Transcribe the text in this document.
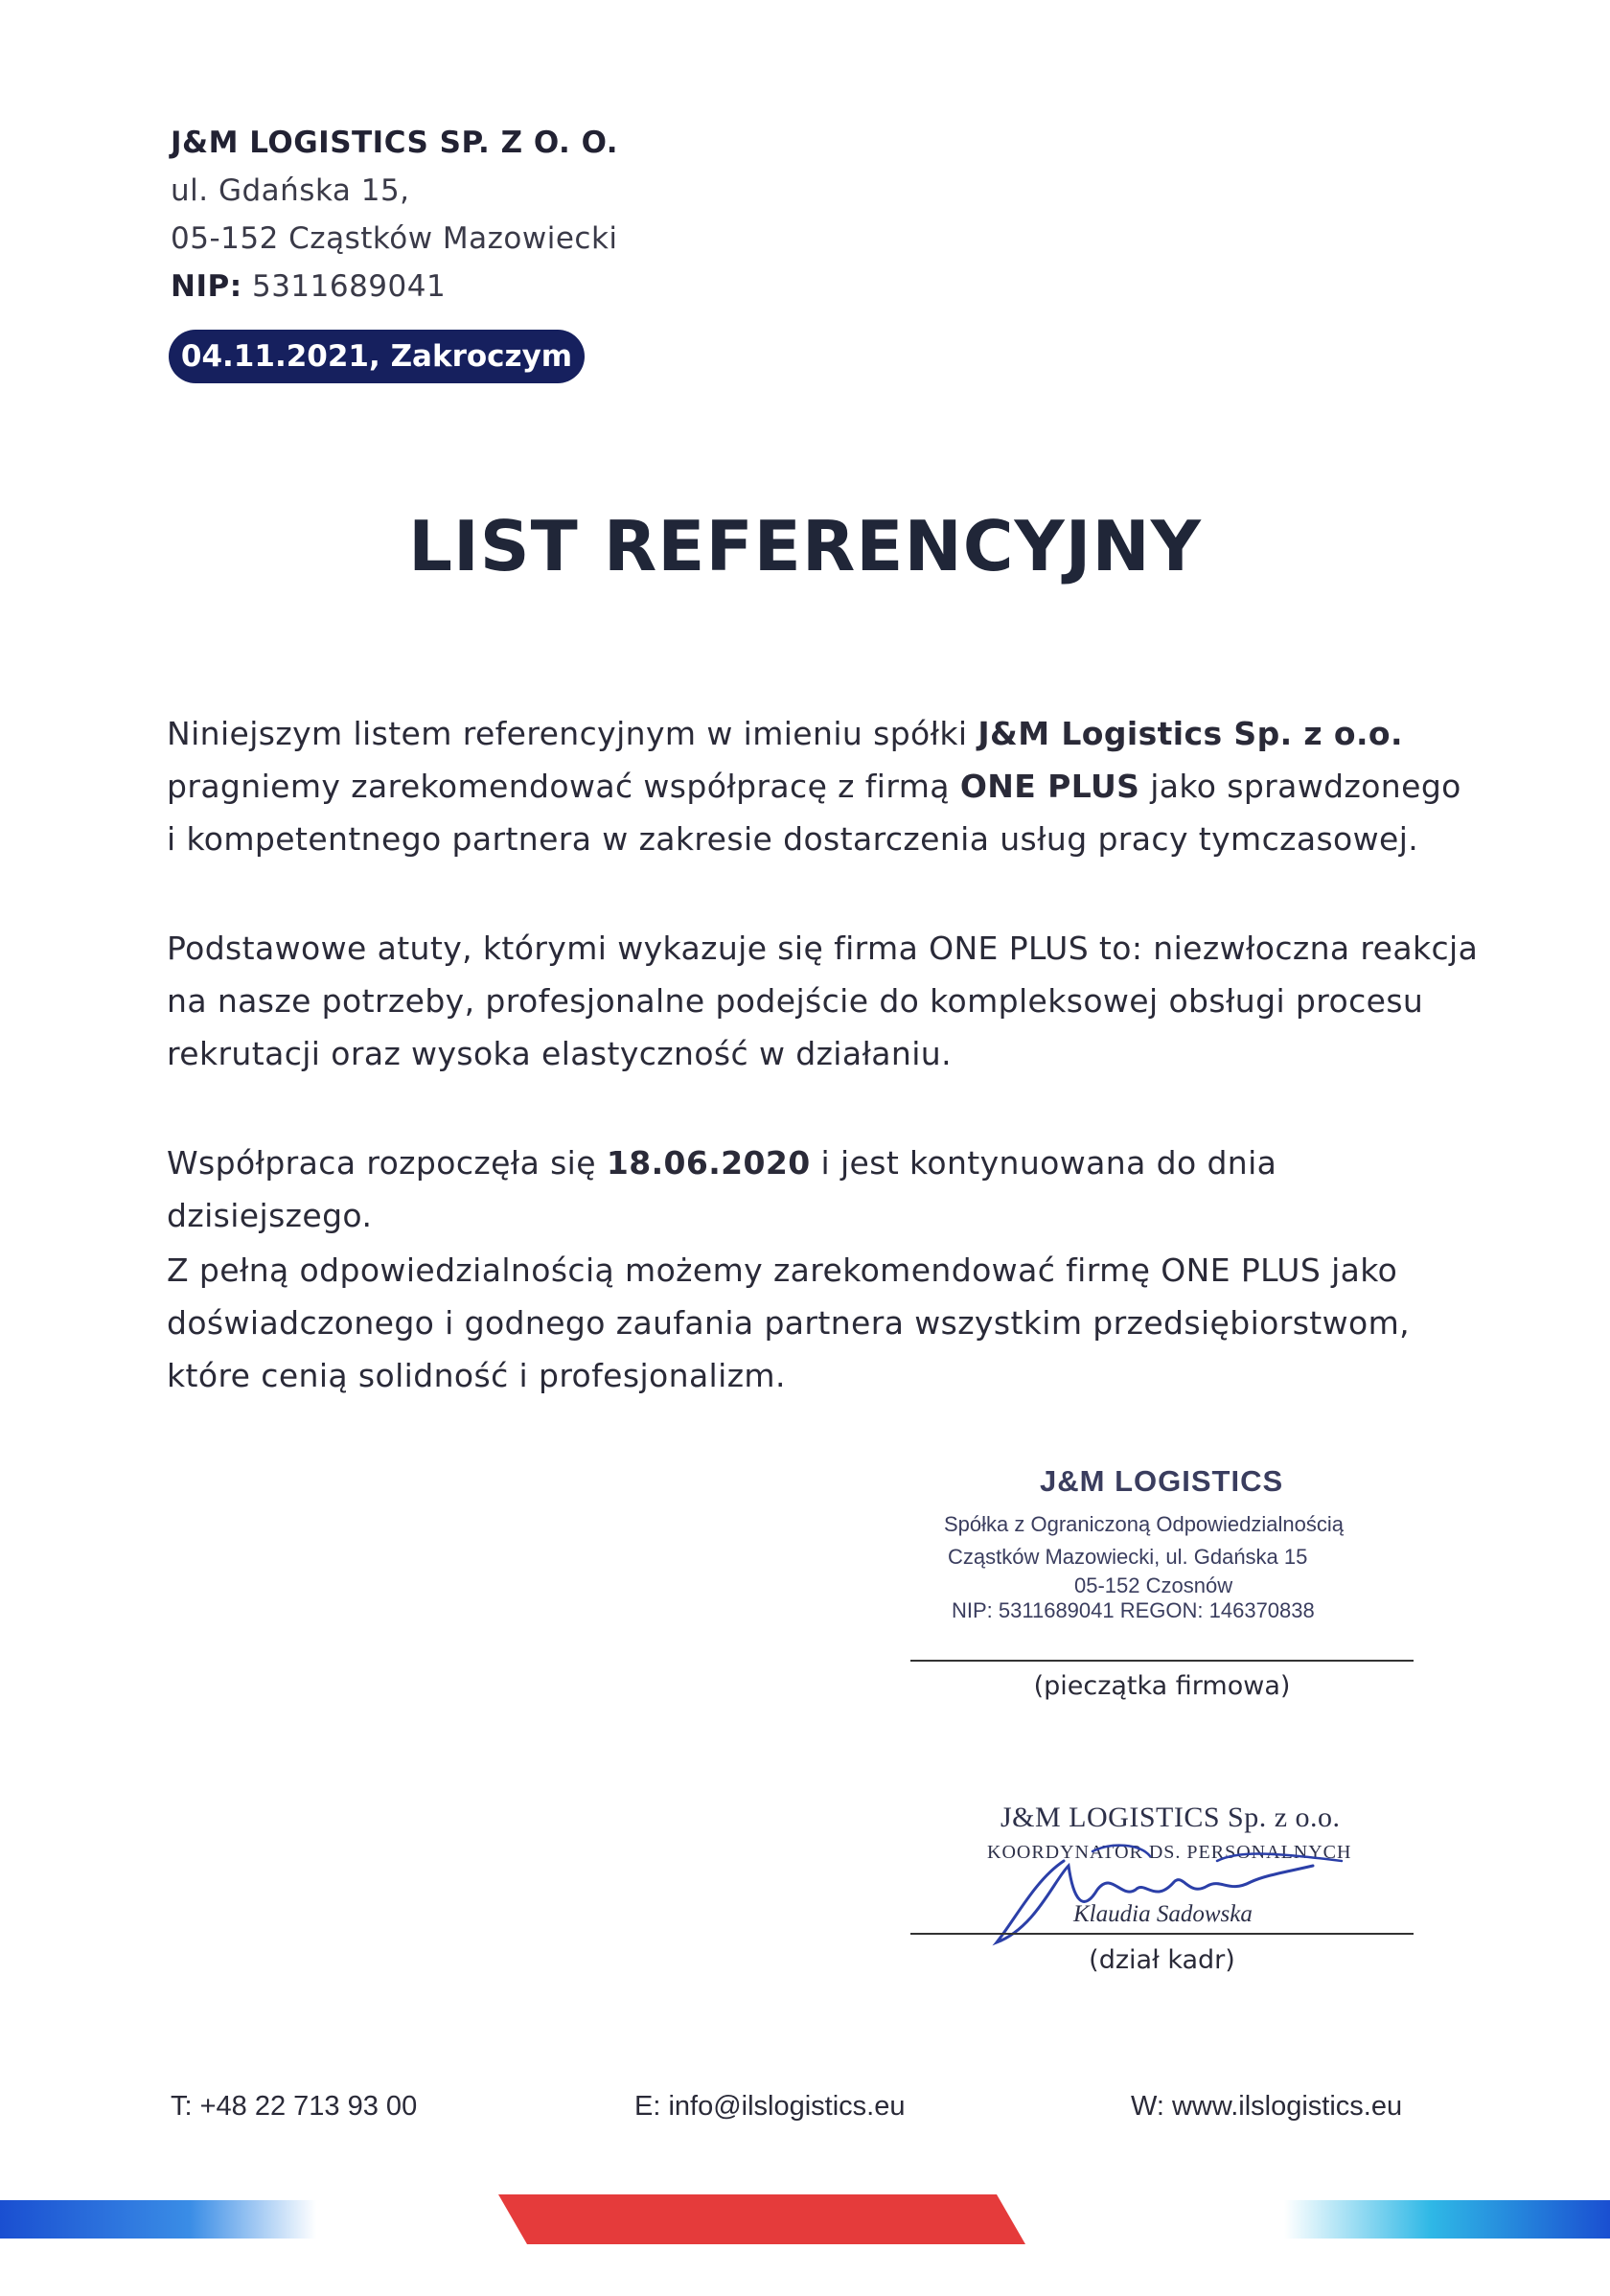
J&M LOGISTICS SP. Z O. O.
ul. Gdańska 15,
05-152 Cząstków Mazowiecki
NIP: 5311689041
04.11.2021, Zakroczym
LIST REFERENCYJNY

Niniejszym listem referencyjnym w imieniu spółki J&M Logistics Sp. z o.o. pragniemy zarekomendować współpracę z firmą ONE PLUS jako sprawdzonego i kompetentnego partnera w zakresie dostarczenia usług pracy tymczasowej.

Podstawowe atuty, którymi wykazuje się firma ONE PLUS to: niezwłoczna reakcja na nasze potrzeby, profesjonalne podejście do kompleksowej obsługi procesu rekrutacji oraz wysoka elastyczność w działaniu.

Współpraca rozpoczęła się 18.06.2020 i jest kontynuowana do dnia dzisiejszego.

Z pełną odpowiedzialnością możemy zarekomendować firmę ONE PLUS jako doświadczonego i godnego zaufania partnera wszystkim przedsiębiorstwom, które cenią solidność i profesjonalizm.

J&M LOGISTICS
Spółka z Ograniczoną Odpowiedzialnością
Cząstków Mazowiecki, ul. Gdańska 15
05-152 Czosnów
NIP: 5311689041 REGON: 146370838
(pieczątka firmowa)
J&M LOGISTICS Sp. z o.o.
KOORDYNATOR DS. PERSONALNYCH
Klaudia Sadowska
(dział kadr)
T: +48 22 713 93 00	E: info@ilslogistics.eu	W: www.ilslogistics.eu
